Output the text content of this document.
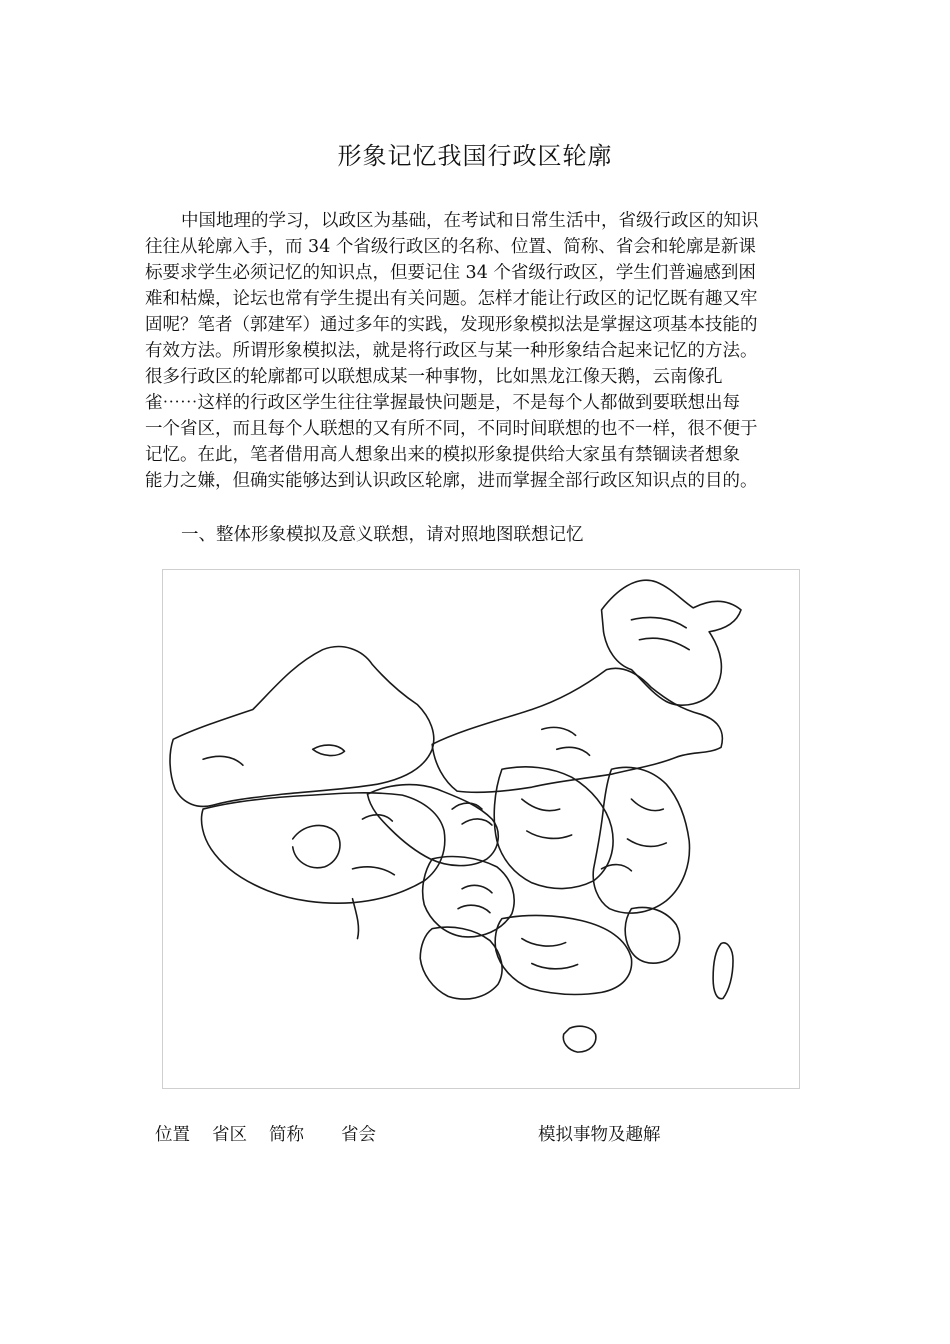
形象记忆我国行政区轮廓
中国地理的学习，以政区为基础，在考试和日常生活中，省级行政区的知识
往往从轮廓入手，而 34 个省级行政区的名称、位置、简称、省会和轮廓是新课
标要求学生必须记忆的知识点，但要记住 34 个省级行政区，学生们普遍感到困
难和枯燥，论坛也常有学生提出有关问题。怎样才能让行政区的记忆既有趣又牢
固呢？笔者（郭建军）通过多年的实践，发现形象模拟法是掌握这项基本技能的
有效方法。所谓形象模拟法，就是将行政区与某一种形象结合起来记忆的方法。
很多行政区的轮廓都可以联想成某一种事物，比如黑龙江像天鹅，云南像孔
雀⋯⋯这样的行政区学生往往掌握最快问题是，不是每个人都做到要联想出每
一个省区，而且每个人联想的又有所不同，不同时间联想的也不一样，很不便于
记忆。在此，笔者借用高人想象出来的模拟形象提供给大家虽有禁锢读者想象
能力之嫌，但确实能够达到认识政区轮廓，进而掌握全部行政区知识点的目的。
一、整体形象模拟及意义联想，请对照地图联想记忆
位置 省区 简称 省会	模拟事物及趣解
